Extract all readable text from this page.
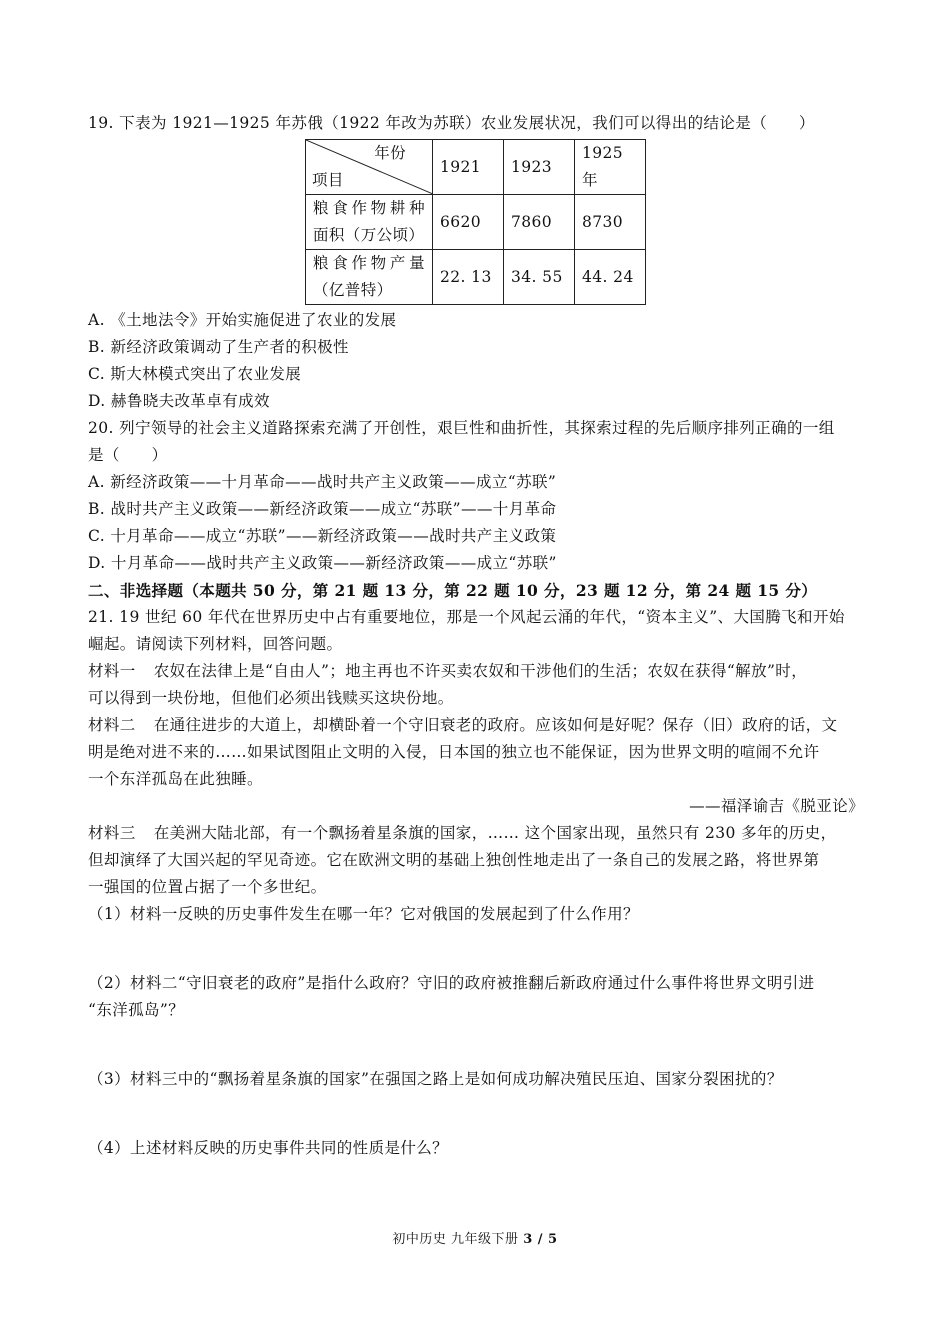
19. 下表为 1921—1925 年苏俄（1922 年改为苏联）农业发展状况，我们可以得出的结论是（　　）
年份
项目	1921	1923	1925 年

粮食作物耕种
面积（万公顷）	6620	7860	8730

粮食作物产量
（亿普特）	22. 13	34. 55	44. 24
A. 《土地法令》开始实施促进了农业的发展
B. 新经济政策调动了生产者的积极性
C. 斯大林模式突出了农业发展
D. 赫鲁晓夫改革卓有成效
20. 列宁领导的社会主义道路探索充满了开创性，艰巨性和曲折性，其探索过程的先后顺序排列正确的一组
是（　　）
A. 新经济政策——十月革命——战时共产主义政策——成立“苏联”
B. 战时共产主义政策——新经济政策——成立“苏联”——十月革命
C. 十月革命——成立“苏联”——新经济政策——战时共产主义政策
D. 十月革命——战时共产主义政策——新经济政策——成立“苏联”
二、非选择题（本题共 50 分，第 21 题 13 分，第 22 题 10 分，23 题 12 分，第 24 题 15 分）
21. 19 世纪 60 年代在世界历史中占有重要地位，那是一个风起云涌的年代，“资本主义”、大国腾飞和开始
崛起。请阅读下列材料，回答问题。
材料一 农奴在法律上是“自由人”；地主再也不许买卖农奴和干涉他们的生活；农奴在获得“解放”时，
可以得到一块份地，但他们必须出钱赎买这块份地。
材料二 在通往进步的大道上，却横卧着一个守旧衰老的政府。应该如何是好呢？保存（旧）政府的话，文
明是绝对进不来的……如果试图阻止文明的入侵，日本国的独立也不能保证，因为世界文明的喧闹不允许
一个东洋孤岛在此独睡。
——福泽谕吉《脱亚论》
材料三 在美洲大陆北部，有一个飘扬着星条旗的国家，…… 这个国家出现，虽然只有 230 多年的历史，
但却演绎了大国兴起的罕见奇迹。它在欧洲文明的基础上独创性地走出了一条自己的发展之路，将世界第
一强国的位置占据了一个多世纪。
（1）材料一反映的历史事件发生在哪一年？它对俄国的发展起到了什么作用？
（2）材料二“守旧衰老的政府”是指什么政府？守旧的政府被推翻后新政府通过什么事件将世界文明引进
“东洋孤岛”？
（3）材料三中的“飘扬着星条旗的国家”在强国之路上是如何成功解决殖民压迫、国家分裂困扰的？
（4）上述材料反映的历史事件共同的性质是什么？
初中历史 九年级下册 3 / 5
